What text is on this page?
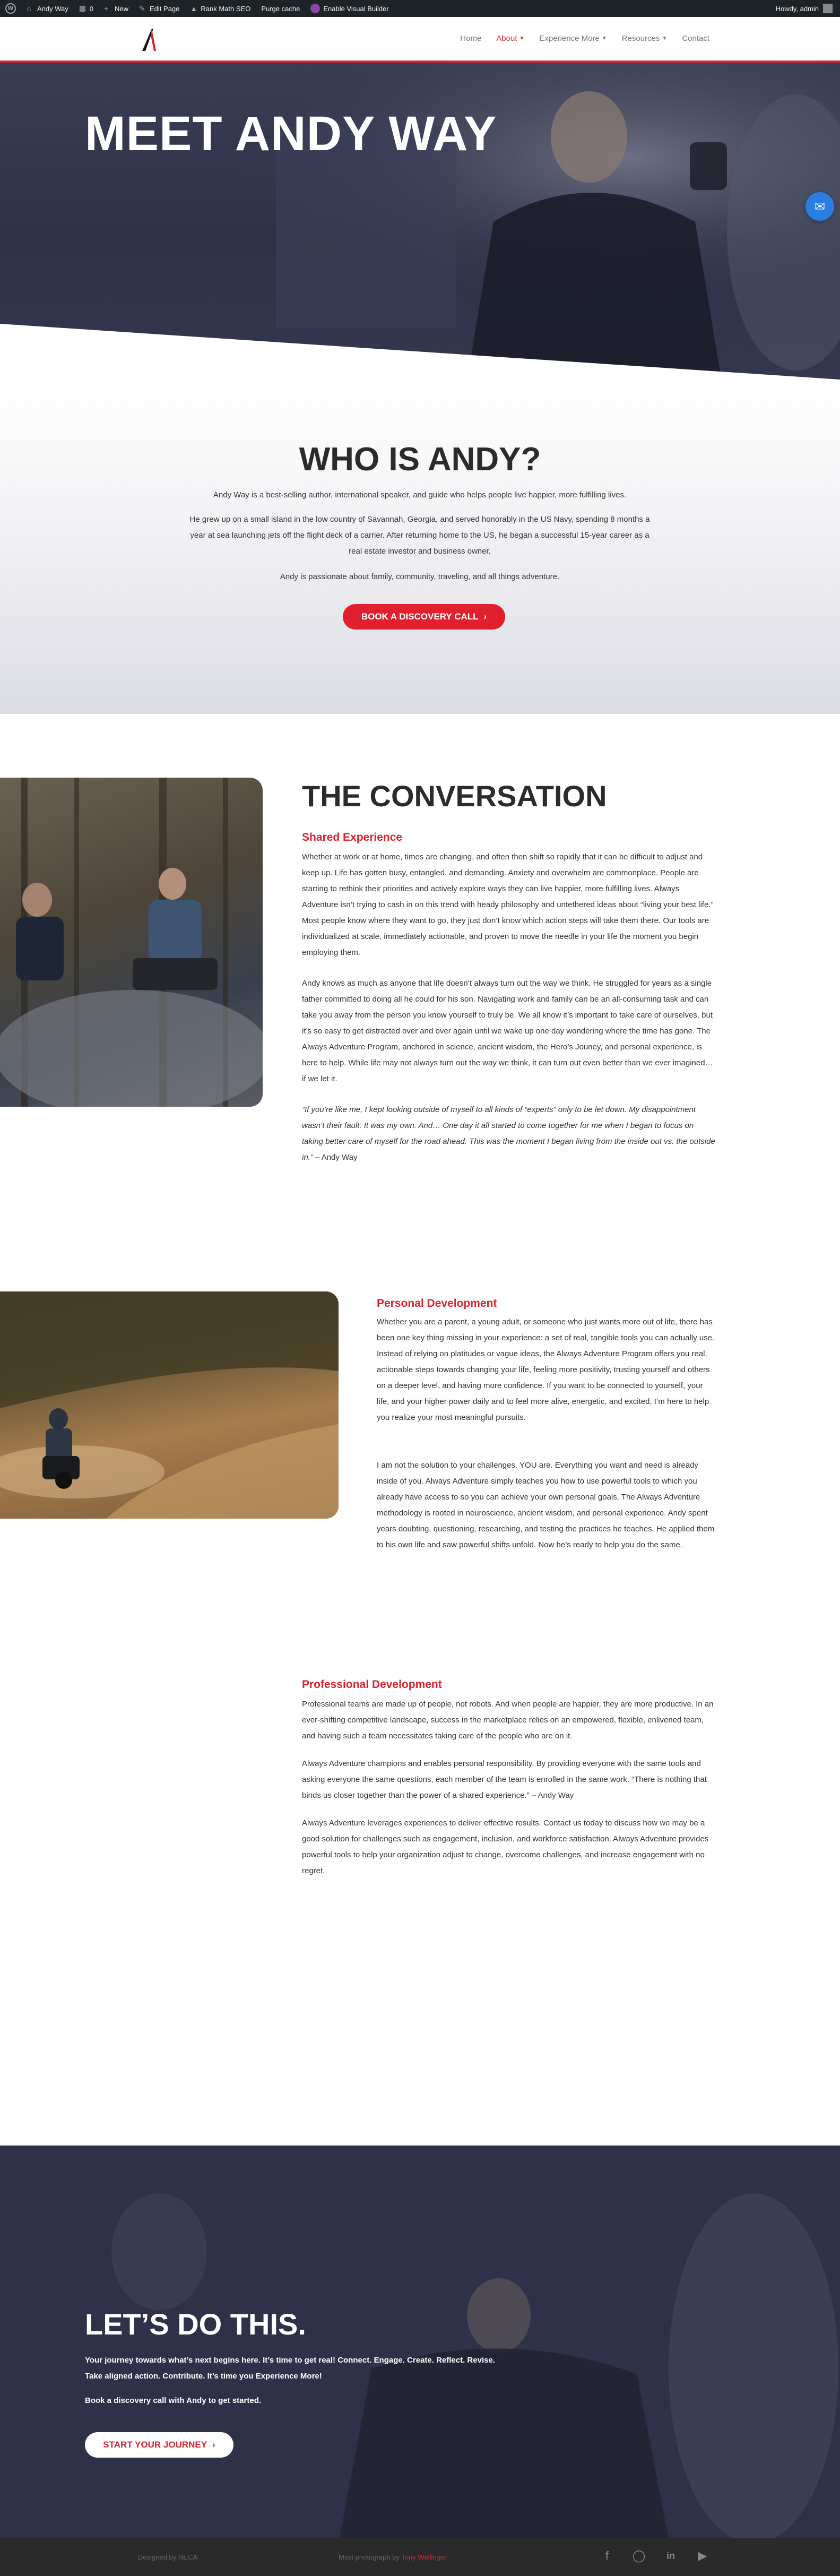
W	⌂ Andy Way ▩ 0 + New ✎ Edit Page ▲ Rank Math SEO Purge cache	Enable Visual Builder	Howdy, admin
Home About ▼ Experience More ▼ Resources ▼ Contact
MEET ANDY WAY
✉
WHO IS ANDY?

Andy Way is a best-selling author, international speaker, and guide who helps people live happier, more fulfilling lives.

He grew up on a small island in the low country of Savannah, Georgia, and served honorably in the US Navy, spending 8 months a year at sea launching jets off the flight deck of a carrier. After returning home to the US, he began a successful 15-year career as a real estate investor and business owner.

Andy is passionate about family, community, traveling, and all things adventure.

BOOK A DISCOVERY CALL ›
THE CONVERSATION
Shared Experience

Whether at work or at home, times are changing, and often then shift so rapidly that it can be difficult to adjust and keep up. Life has gotten busy, entangled, and demanding. Anxiety and overwhelm are commonplace. People are starting to rethink their priorities and actively explore ways they can live happier, more fulfilling lives. Always Adventure isn’t trying to cash in on this trend with heady philosophy and untethered ideas about “living your best life.” Most people know where they want to go, they just don’t know which action steps will take them there. Our tools are individualized at scale, immediately actionable, and proven to move the needle in your life the moment you begin employing them.

Andy knows as much as anyone that life doesn’t always turn out the way we think. He struggled for years as a single father committed to doing all he could for his son. Navigating work and family can be an all-consuming task and can take you away from the person you know yourself to truly be. We all know it’s important to take care of ourselves, but it’s so easy to get distracted over and over again until we wake up one day wondering where the time has gone. The Always Adventure Program, anchored in science, ancient wisdom, the Hero’s Jouney, and personal experience, is here to help. While life may not always turn out the way we think, it can turn out even better than we ever imagined… if we let it.

“If you’re like me, I kept looking outside of myself to all kinds of “experts” only to be let down. My disappointment wasn’t their fault. It was my own. And… One day it all started to come together for me when I began to focus on taking better care of myself for the road ahead. This was the moment I began living from the inside out vs. the outside in.” – Andy Way

Personal Development

Whether you are a parent, a young adult, or someone who just wants more out of life, there has been one key thing missing in your experience: a set of real, tangible tools you can actually use. Instead of relying on platitudes or vague ideas, the Always Adventure Program offers you real, actionable steps towards changing your life, feeling more positivity, trusting yourself and others on a deeper level, and having more confidence. If you want to be connected to yourself, your life, and your higher power daily and to feel more alive, energetic, and excited, I’m here to help you realize your most meaningful pursuits.

I am not the solution to your challenges. YOU are. Everything you want and need is already inside of you. Always Adventure simply teaches you how to use powerful tools to which you already have access to so you can achieve your own personal goals. The Always Adventure methodology is rooted in neuroscience, ancient wisdom, and personal experience. Andy spent years doubting, questioning, researching, and testing the practices he teaches. He applied them to his own life and saw powerful shifts unfold. Now he’s ready to help you do the same.

Professional Development

Professional teams are made up of people, not robots. And when people are happier, they are more productive. In an ever-shifting competitive landscape, success in the marketplace relies on an empowered, flexible, enlivened team, and having such a team necessitates taking care of the people who are on it.

Always Adventure champions and enables personal responsibility. By providing everyone with the same tools and asking everyone the same questions, each member of the team is enrolled in the same work. “There is nothing that binds us closer together than the power of a shared experience.” – Andy Way

Always Adventure leverages experiences to deliver effective results. Contact us today to discuss how we may be a good solution for challenges such as engagement, inclusion, and workforce satisfaction. Always Adventure provides powerful tools to help your organization adjust to change, overcome challenges, and increase engagement with no regret.

LET’S DO THIS.

Your journey towards what’s next begins here. It’s time to get real! Connect. Engage. Create. Reflect. Revise.

Take aligned action. Contribute. It’s time you Experience More!

Book a discovery call with Andy to get started.

START YOUR JOURNEY ›
Designed by NECA	Most photograph by Tony Wellinger	f	◯ in ▶
